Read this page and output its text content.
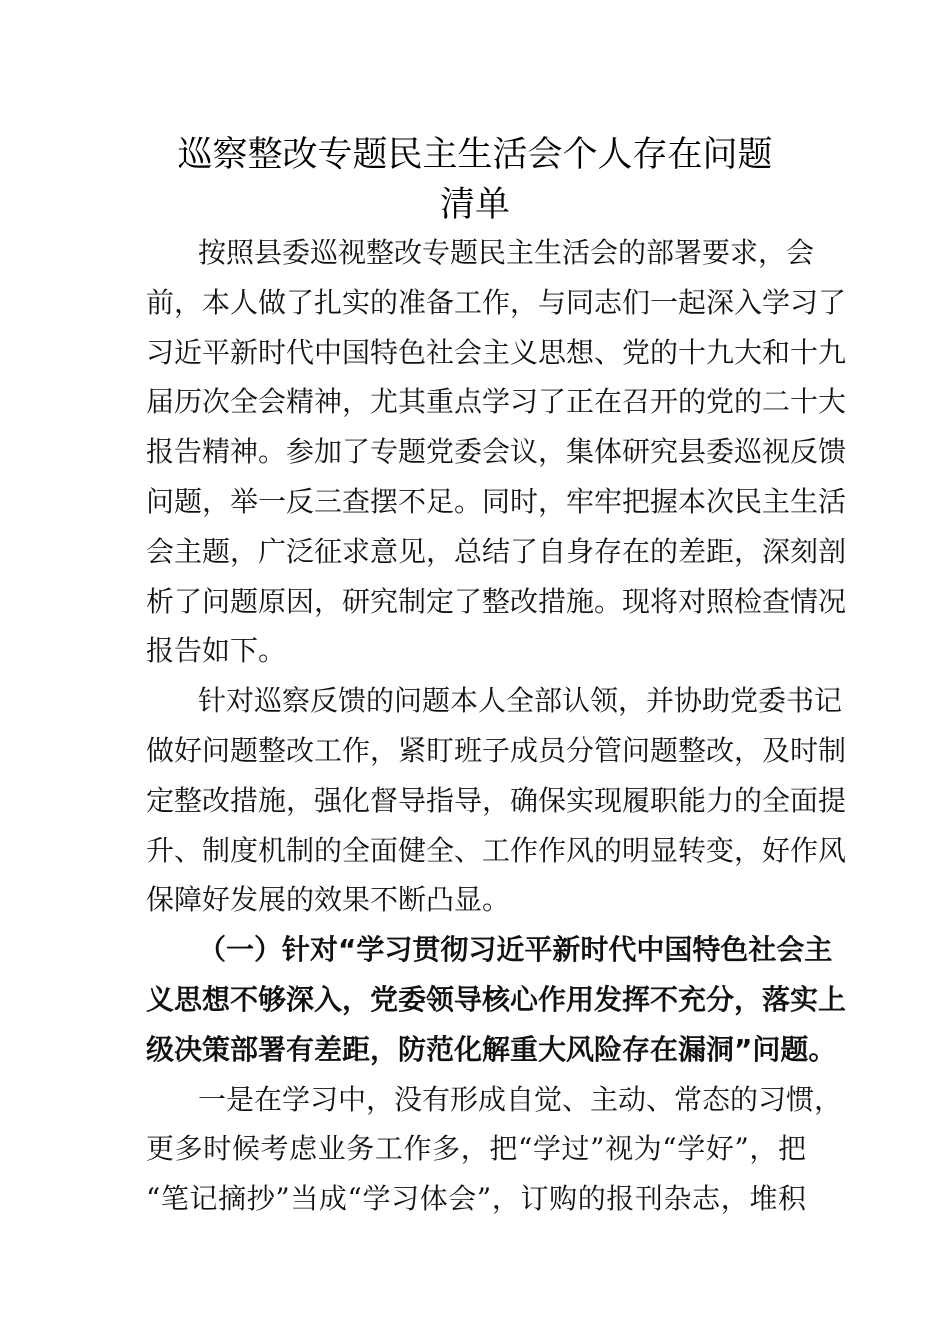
巡察整改专题民主生活会个人存在问题
清单
按照县委巡视整改专题民主生活会的部署要求，会
前，本人做了扎实的准备工作，与同志们一起深入学习了
习近平新时代中国特色社会主义思想、党的十九大和十九
届历次全会精神，尤其重点学习了正在召开的党的二十大
报告精神。参加了专题党委会议，集体研究县委巡视反馈
问题，举一反三查摆不足。同时，牢牢把握本次民主生活
会主题，广泛征求意见，总结了自身存在的差距，深刻剖
析了问题原因，研究制定了整改措施。现将对照检查情况
报告如下。
针对巡察反馈的问题本人全部认领，并协助党委书记
做好问题整改工作，紧盯班子成员分管问题整改，及时制
定整改措施，强化督导指导，确保实现履职能力的全面提
升、制度机制的全面健全、工作作风的明显转变，好作风
保障好发展的效果不断凸显。
（一）针对“学习贯彻习近平新时代中国特色社会主
义思想不够深入，党委领导核心作用发挥不充分，落实上
级决策部署有差距，防范化解重大风险存在漏洞”问题。
一是在学习中，没有形成自觉、主动、常态的习惯，
更多时候考虑业务工作多，把“学过”视为“学好”，把
“笔记摘抄”当成“学习体会”，订购的报刊杂志，堆积
